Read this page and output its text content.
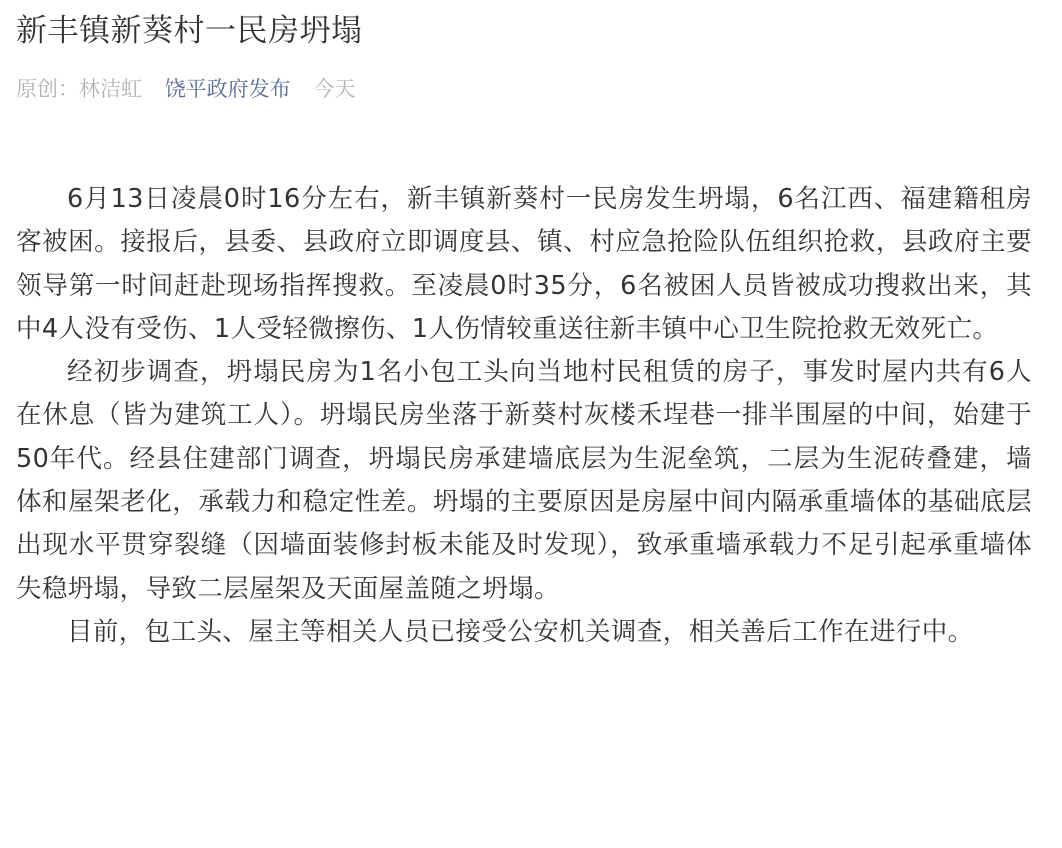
新丰镇新葵村一民房坍塌
原创：林洁虹 饶平政府发布 今天

6月13日凌晨0时16分左右，新丰镇新葵村一民房发生坍塌，6名江西、福建籍租房客被困。接报后，县委、县政府立即调度县、镇、村应急抢险队伍组织抢救，县政府主要领导第一时间赶赴现场指挥搜救。至凌晨0时35分，6名被困人员皆被成功搜救出来，其中4人没有受伤、1人受轻微擦伤、1人伤情较重送往新丰镇中心卫生院抢救无效死亡。

经初步调查，坍塌民房为1名小包工头向当地村民租赁的房子，事发时屋内共有6人在休息（皆为建筑工人）。坍塌民房坐落于新葵村灰楼禾埕巷一排半围屋的中间，始建于50年代。经县住建部门调查，坍塌民房承建墙底层为生泥垒筑，二层为生泥砖叠建，墙体和屋架老化，承载力和稳定性差。坍塌的主要原因是房屋中间内隔承重墙体的基础底层出现水平贯穿裂缝（因墙面装修封板未能及时发现），致承重墙承载力不足引起承重墙体失稳坍塌，导致二层屋架及天面屋盖随之坍塌。

目前，包工头、屋主等相关人员已接受公安机关调查，相关善后工作在进行中。
